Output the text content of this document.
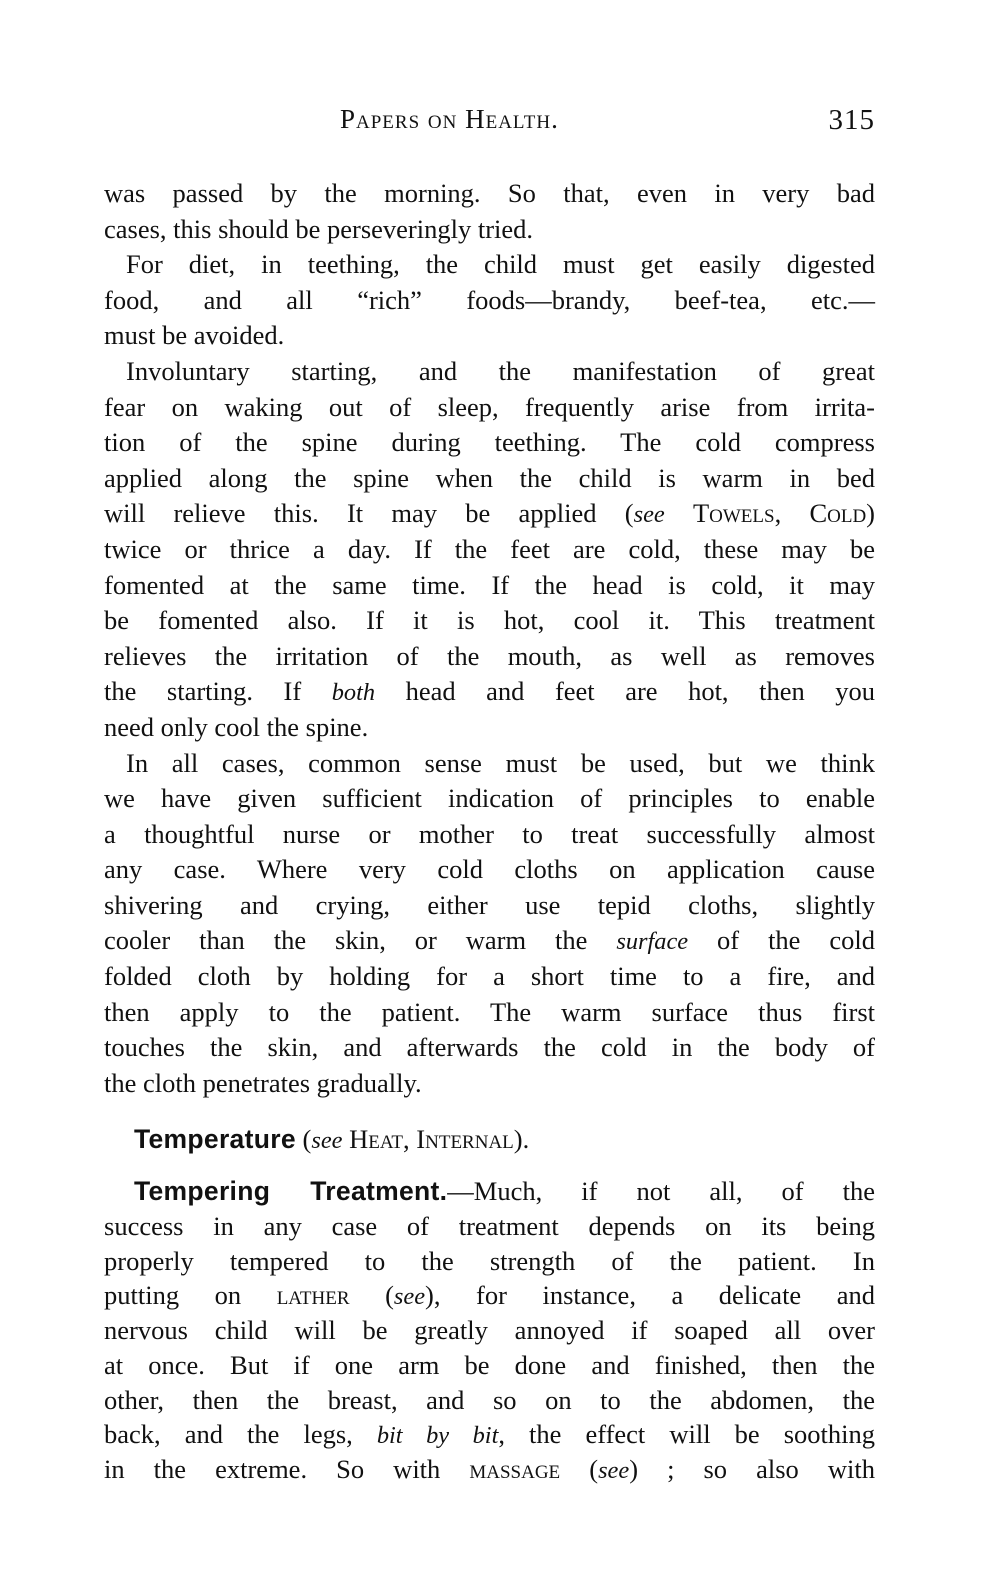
Papers on Health.	315
was passed by the morning. So that, even in very bad
cases, this should be perseveringly tried.
For diet, in teething, the child must get easily digested
food, and all “rich” foods—brandy, beef-tea, etc.—
must be avoided.
Involuntary starting, and the manifestation of great
fear on waking out of sleep, frequently arise from irrita-
tion of the spine during teething. The cold compress
applied along the spine when the child is warm in bed
will relieve this. It may be applied (see Towels, Cold)
twice or thrice a day. If the feet are cold, these may be
fomented at the same time. If the head is cold, it may
be fomented also. If it is hot, cool it. This treatment
relieves the irritation of the mouth, as well as removes
the starting. If both head and feet are hot, then you
need only cool the spine.
In all cases, common sense must be used, but we think
we have given sufficient indication of principles to enable
a thoughtful nurse or mother to treat successfully almost
any case. Where very cold cloths on application cause
shivering and crying, either use tepid cloths, slightly
cooler than the skin, or warm the surface of the cold
folded cloth by holding for a short time to a fire, and
then apply to the patient. The warm surface thus first
touches the skin, and afterwards the cold in the body of
the cloth penetrates gradually.
Temperature (see Heat, Internal).
Tempering Treatment.—Much, if not all, of the
success in any case of treatment depends on its being
properly tempered to the strength of the patient. In
putting on lather (see), for instance, a delicate and
nervous child will be greatly annoyed if soaped all over
at once. But if one arm be done and finished, then the
other, then the breast, and so on to the abdomen, the
back, and the legs, bit by bit, the effect will be soothing
in the extreme. So with massage (see) ; so also with
